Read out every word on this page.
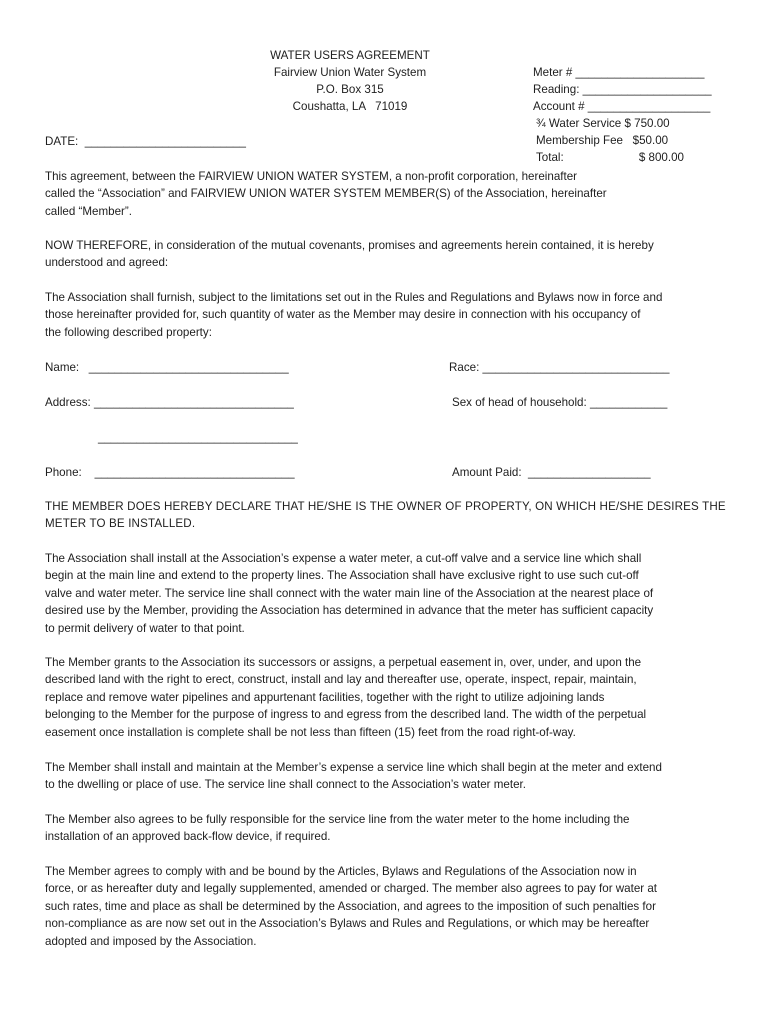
WATER USERS AGREEMENT
Fairview Union Water System
P.O. Box 315
Coushatta, LA   71019
Meter # ____________________
Reading: ____________________
Account # ___________________
¾ Water Service $ 750.00
Membership Fee   $50.00
Total:	$ 800.00
DATE:  _________________________
This agreement, between the FAIRVIEW UNION WATER SYSTEM, a non-profit corporation, hereinafter
called the “Association” and FAIRVIEW UNION WATER SYSTEM MEMBER(S) of the Association, hereinafter
called “Member”.
NOW THEREFORE, in consideration of the mutual covenants, promises and agreements herein contained, it is hereby
understood and agreed:
The Association shall furnish, subject to the limitations set out in the Rules and Regulations and Bylaws now in force and
those hereinafter provided for, such quantity of water as the Member may desire in connection with his occupancy of
the following described property:
Name:   _______________________________	Race: _____________________________
Address: _______________________________	Sex of head of household: ____________
_______________________________
Phone:    _______________________________	Amount Paid:  ___________________
THE MEMBER DOES HEREBY DECLARE THAT HE/SHE IS THE OWNER OF PROPERTY, ON WHICH HE/SHE DESIRES THE
METER TO BE INSTALLED.
The Association shall install at the Association’s expense a water meter, a cut-off valve and a service line which shall
begin at the main line and extend to the property lines. The Association shall have exclusive right to use such cut-off
valve and water meter. The service line shall connect with the water main line of the Association at the nearest place of
desired use by the Member, providing the Association has determined in advance that the meter has sufficient capacity
to permit delivery of water to that point.
The Member grants to the Association its successors or assigns, a perpetual easement in, over, under, and upon the
described land with the right to erect, construct, install and lay and thereafter use, operate, inspect, repair, maintain,
replace and remove water pipelines and appurtenant facilities, together with the right to utilize adjoining lands
belonging to the Member for the purpose of ingress to and egress from the described land. The width of the perpetual
easement once installation is complete shall be not less than fifteen (15) feet from the road right-of-way.
The Member shall install and maintain at the Member’s expense a service line which shall begin at the meter and extend
to the dwelling or place of use. The service line shall connect to the Association’s water meter.
The Member also agrees to be fully responsible for the service line from the water meter to the home including the
installation of an approved back-flow device, if required.
The Member agrees to comply with and be bound by the Articles, Bylaws and Regulations of the Association now in
force, or as hereafter duty and legally supplemented, amended or charged. The member also agrees to pay for water at
such rates, time and place as shall be determined by the Association, and agrees to the imposition of such penalties for
non-compliance as are now set out in the Association’s Bylaws and Rules and Regulations, or which may be hereafter
adopted and imposed by the Association.
